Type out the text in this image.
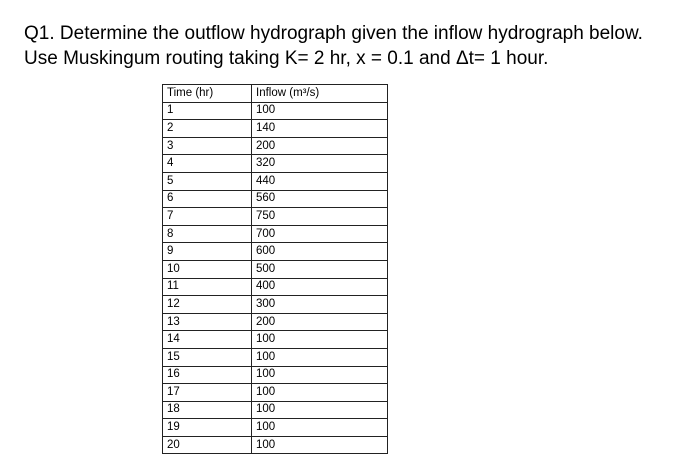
Q1. Determine the outflow hydrograph given the inflow hydrograph below.

Use Muskingum routing taking K= 2 hr, x = 0.1 and Δt= 1 hour.

Time (hr)	Inflow (m³/s)
1	100
2	140
3	200
4	320
5	440
6	560
7	750
8	700
9	600
10	500
11	400
12	300
13	200
14	100
15	100
16	100
17	100
18	100
19	100
20	100
